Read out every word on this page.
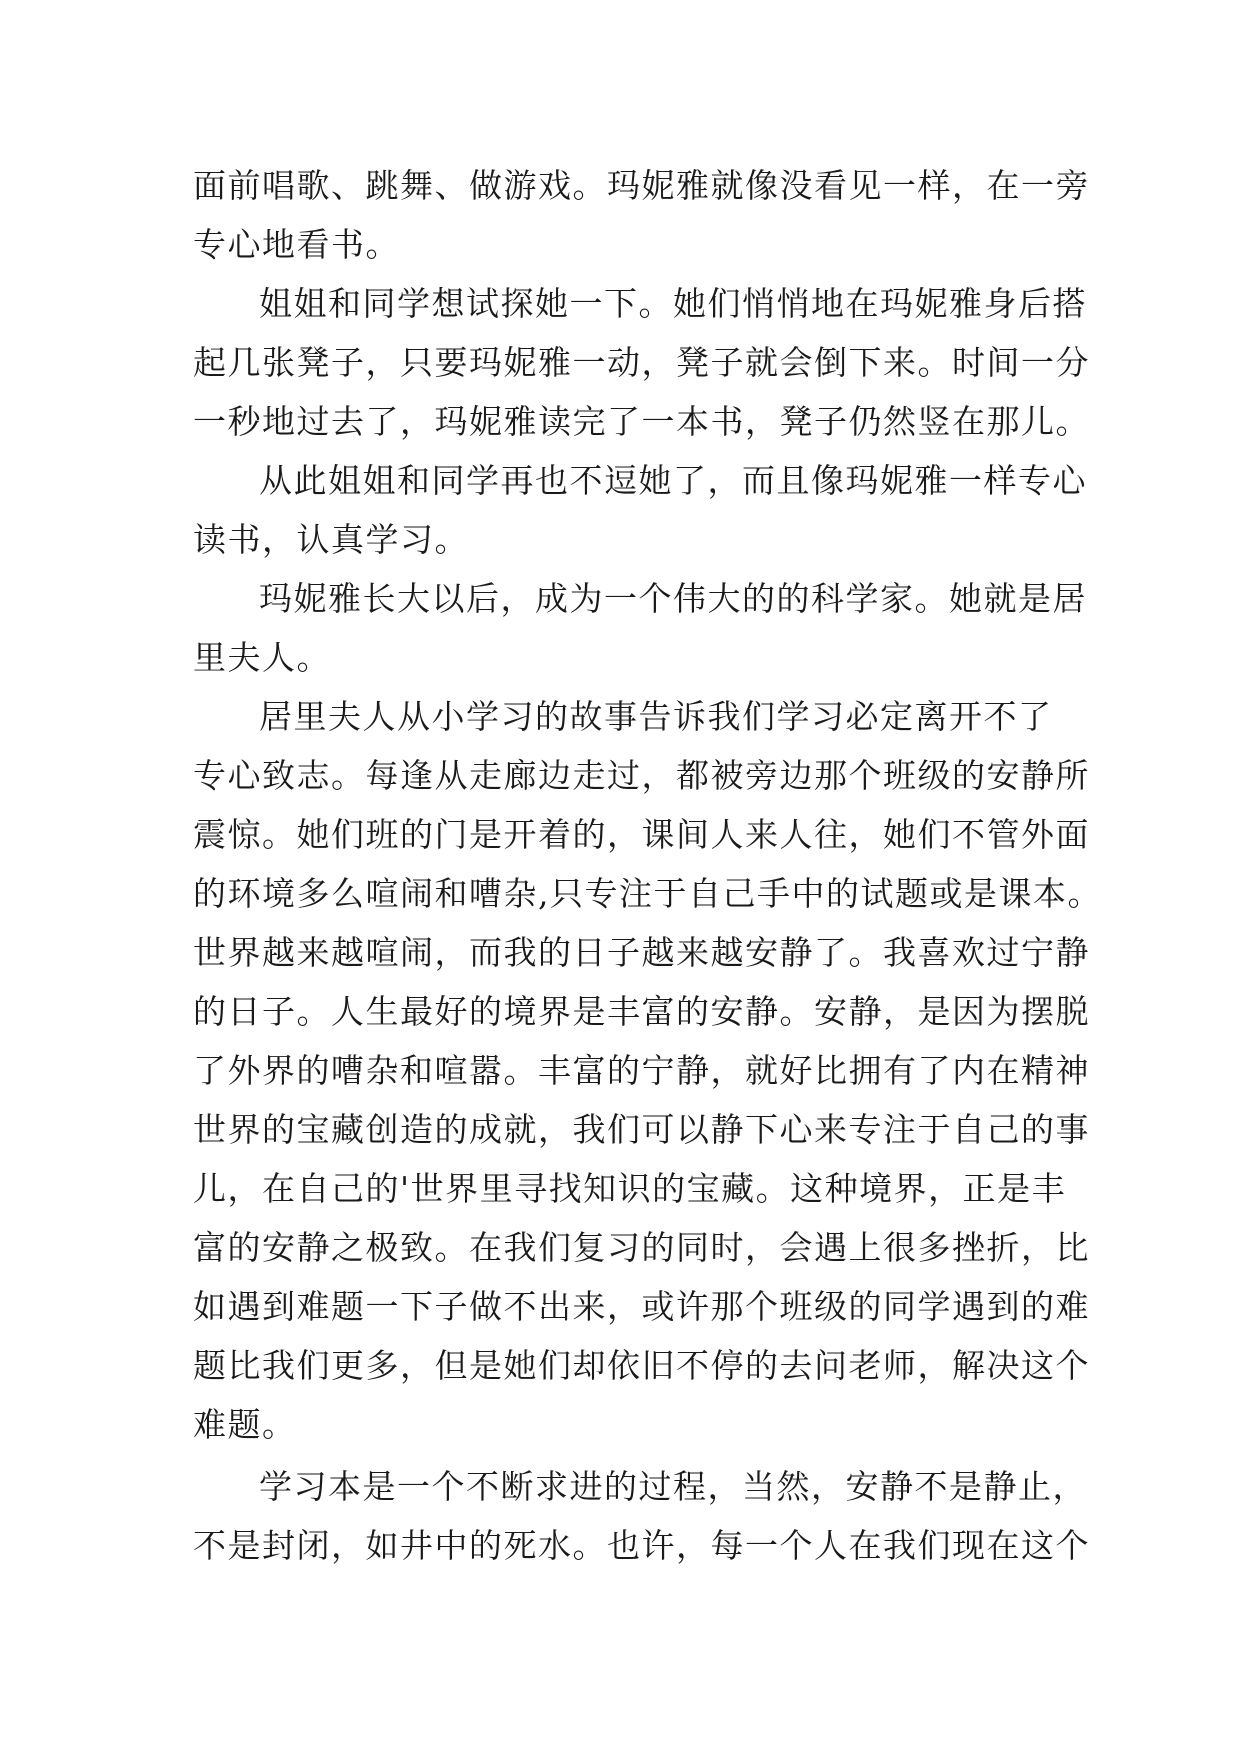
面前唱歌、跳舞、做游戏。玛妮雅就像没看见一样，在一旁
专心地看书。
姐姐和同学想试探她一下。她们悄悄地在玛妮雅身后搭
起几张凳子，只要玛妮雅一动，凳子就会倒下来。时间一分
一秒地过去了，玛妮雅读完了一本书，凳子仍然竖在那儿。
从此姐姐和同学再也不逗她了，而且像玛妮雅一样专心
读书，认真学习。
玛妮雅长大以后，成为一个伟大的的科学家。她就是居
里夫人。
居里夫人从小学习的故事告诉我们学习必定离开不了
专心致志。每逢从走廊边走过，都被旁边那个班级的安静所
震惊。她们班的门是开着的，课间人来人往，她们不管外面
的环境多么喧闹和嘈杂,只专注于自己手中的试题或是课本。
世界越来越喧闹，而我的日子越来越安静了。我喜欢过宁静
的日子。人生最好的境界是丰富的安静。安静，是因为摆脱
了外界的嘈杂和喧嚣。丰富的宁静，就好比拥有了内在精神
世界的宝藏创造的成就，我们可以静下心来专注于自己的事
儿，在自己的'世界里寻找知识的宝藏。这种境界，正是丰
富的安静之极致。在我们复习的同时，会遇上很多挫折，比
如遇到难题一下子做不出来，或许那个班级的同学遇到的难
题比我们更多，但是她们却依旧不停的去问老师，解决这个
难题。
学习本是一个不断求进的过程，当然，安静不是静止，
不是封闭，如井中的死水。也许，每一个人在我们现在这个
